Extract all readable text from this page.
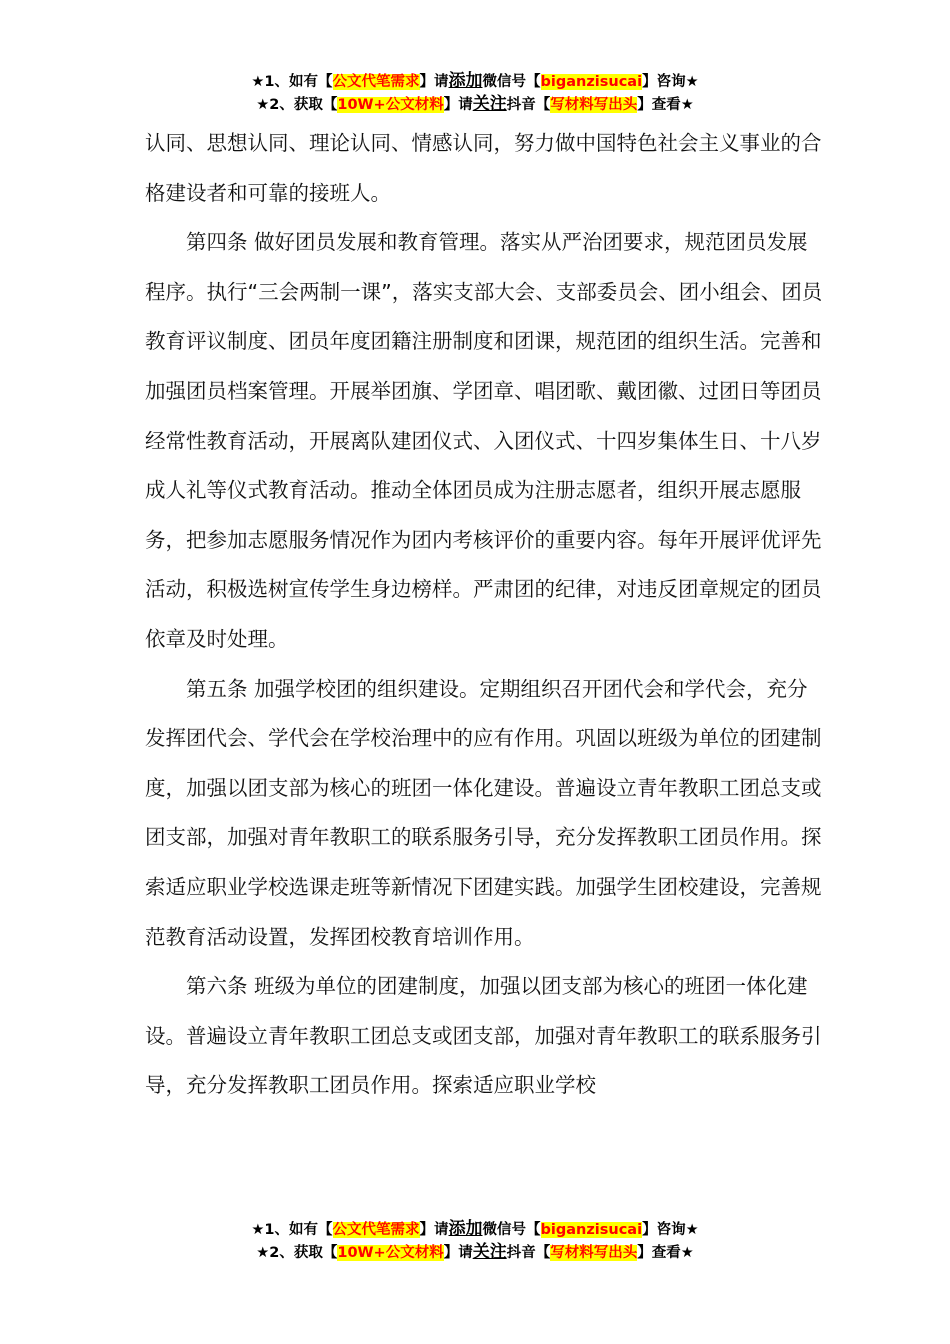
★1、如有【公文代笔需求】请添加微信号【biganzisucai】咨询★
★2、获取【10W+公文材料】请关注抖音【写材料写出头】查看★

认同、思想认同、理论认同、情感认同，努力做中国特色社会主义事业的合格建设者和可靠的接班人。

第四条 做好团员发展和教育管理。落实从严治团要求，规范团员发展程序。执行“三会两制一课”，落实支部大会、支部委员会、团小组会、团员教育评议制度、团员年度团籍注册制度和团课，规范团的组织生活。完善和加强团员档案管理。开展举团旗、学团章、唱团歌、戴团徽、过团日等团员经常性教育活动，开展离队建团仪式、入团仪式、十四岁集体生日、十八岁成人礼等仪式教育活动。推动全体团员成为注册志愿者，组织开展志愿服务，把参加志愿服务情况作为团内考核评价的重要内容。每年开展评优评先活动，积极选树宣传学生身边榜样。严肃团的纪律，对违反团章规定的团员依章及时处理。

第五条 加强学校团的组织建设。定期组织召开团代会和学代会，充分发挥团代会、学代会在学校治理中的应有作用。巩固以班级为单位的团建制度，加强以团支部为核心的班团一体化建设。普遍设立青年教职工团总支或团支部，加强对青年教职工的联系服务引导，充分发挥教职工团员作用。探索适应职业学校选课走班等新情况下团建实践。加强学生团校建设，完善规范教育活动设置，发挥团校教育培训作用。

第六条 班级为单位的团建制度，加强以团支部为核心的班团一体化建设。普遍设立青年教职工团总支或团支部，加强对青年教职工的联系服务引导，充分发挥教职工团员作用。探索适应职业学校

★1、如有【公文代笔需求】请添加微信号【biganzisucai】咨询★
★2、获取【10W+公文材料】请关注抖音【写材料写出头】查看★
